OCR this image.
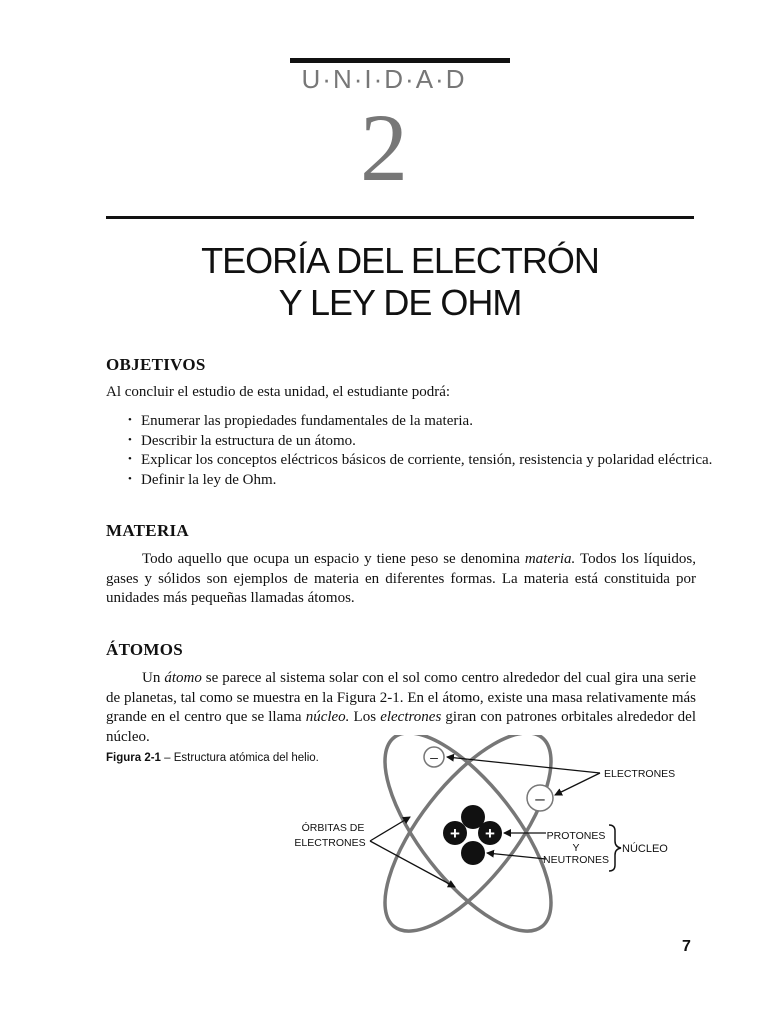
U·N·I·D·A·D
2
TEORÍA DEL ELECTRÓN
Y LEY DE OHM
OBJETIVOS
Al concluir el estudio de esta unidad, el estudiante podrá:
• Enumerar las propiedades fundamentales de la materia.
• Describir la estructura de un átomo.
• Explicar los conceptos eléctricos básicos de corriente, tensión, resistencia y polaridad eléctrica.
• Definir la ley de Ohm.
MATERIA
Todo aquello que ocupa un espacio y tiene peso se denomina materia. Todos los líquidos, gases y sólidos son ejemplos de materia en diferentes formas. La materia está constituida por unidades más pequeñas llamadas átomos.
ÁTOMOS
Un átomo se parece al sistema solar con el sol como centro alrededor del cual gira una serie de planetas, tal como se muestra en la Figura 2-1. En el átomo, existe una masa relativamente más grande en el centro que se llama núcleo. Los electrones giran con patrones orbitales alrededor del núcleo.
Figura 2-1 – Estructura atómica del helio.	–
–
+ +
ELECTRONES
ÓRBITAS DE
ELECTRONES
PROTONES
Y
NEUTRONES
NÚCLEO
7
